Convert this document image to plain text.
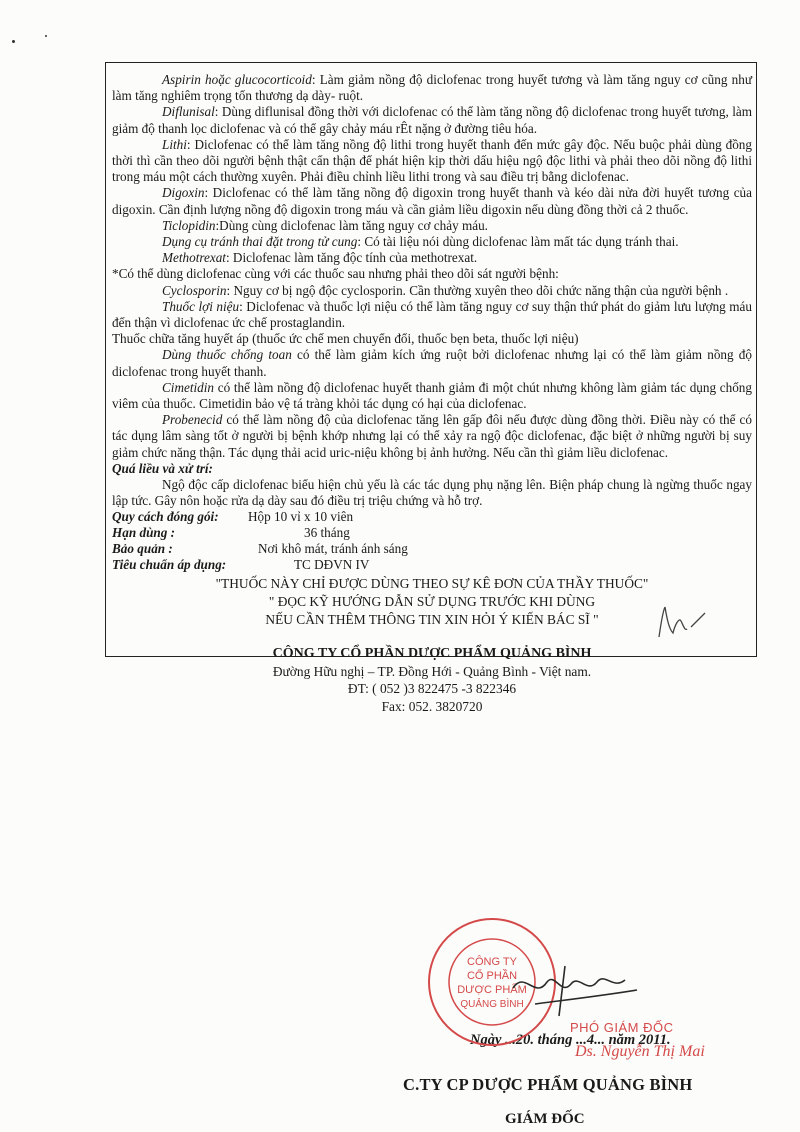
Aspirin hoặc glucocorticoid: Làm giảm nồng độ diclofenac trong huyết tương và làm tăng nguy cơ cũng như làm tăng nghiêm trọng tổn thương dạ dày- ruột.

Diflunisal: Dùng diflunisal đồng thời với diclofenac có thể làm tăng nồng độ diclofenac trong huyết tương, làm giảm độ thanh lọc diclofenac và có thể gây chảy máu rÊt nặng ở đường tiêu hóa.

Lithi: Diclofenac có thể làm tăng nồng độ lithi trong huyết thanh đến mức gây độc. Nếu buộc phải dùng đồng thời thì cần theo dõi người bệnh thật cẩn thận để phát hiện kịp thời dấu hiệu ngộ độc lithi và phải theo dõi nồng độ lithi trong máu một cách thường xuyên. Phải điều chỉnh liều lithi trong và sau điều trị bằng diclofenac.

Digoxin: Diclofenac có thể làm tăng nồng độ digoxin trong huyết thanh và kéo dài nửa đời huyết tương của digoxin. Cần định lượng nồng độ digoxin trong máu và cần giảm liều digoxin nếu dùng đồng thời cả 2 thuốc.

Ticlopidin:Dùng cùng diclofenac làm tăng nguy cơ chảy máu.

Dụng cụ tránh thai đặt trong tử cung: Có tài liệu nói dùng diclofenac làm mất tác dụng tránh thai.

Methotrexat: Diclofenac làm tăng độc tính của methotrexat.

*Có thể dùng diclofenac cùng với các thuốc sau nhưng phải theo dõi sát người bệnh:

Cyclosporin: Nguy cơ bị ngộ độc cyclosporin. Cần thường xuyên theo dõi chức năng thận của người bệnh .

Thuốc lợi niệu: Diclofenac và thuốc lợi niệu có thể làm tăng nguy cơ suy thận thứ phát do giảm lưu lượng máu đến thận vì diclofenac ức chế prostaglandin.

Thuốc chữa tăng huyết áp (thuốc ức chế men chuyển đổi, thuốc bẹn beta, thuốc lợi niệu)

Dùng thuốc chống toan có thể làm giảm kích ứng ruột bởi diclofenac nhưng lại có thể làm giảm nồng độ diclofenac trong huyết thanh.

Cimetidin có thể làm nồng độ diclofenac huyết thanh giảm đi một chút nhưng không làm giảm tác dụng chống viêm của thuốc. Cimetidin bảo vệ tá tràng khỏi tác dụng có hại của diclofenac.

Probenecid có thể làm nồng độ của diclofenac tăng lên gấp đôi nếu được dùng đồng thời. Điều này có thể có tác dụng lâm sàng tốt ở người bị bệnh khớp nhưng lại có thể xảy ra ngộ độc diclofenac, đặc biệt ở những người bị suy giảm chức năng thận. Tác dụng thải acid uric-niệu không bị ảnh hưởng. Nếu cần thì giảm liều diclofenac.

Quá liều và xử trí:

Ngộ độc cấp diclofenac biểu hiện chủ yếu là các tác dụng phụ nặng lên. Biện pháp chung là ngừng thuốc ngay lập tức. Gây nôn hoặc rửa dạ dày sau đó điều trị triệu chứng và hỗ trợ.

Quy cách đóng gói: Hộp 10 vỉ x 10 viên
Hạn dùng :	36 tháng
Bảo quản :	Nơi khô mát, tránh ánh sáng
Tiêu chuẩn áp dụng:	TC DĐVN IV
"THUỐC NÀY CHỈ ĐƯỢC DÙNG THEO SỰ KÊ ĐƠN CỦA THẦY THUỐC"
" ĐỌC KỸ HƯỚNG DẪN SỬ DỤNG TRƯỚC KHI DÙNG
NẾU CẦN THÊM THÔNG TIN XIN HỎI Ý KIẾN BÁC SĨ "
CÔNG TY CỔ PHẦN DƯỢC PHẨM QUẢNG BÌNH
Đường Hữu nghị – TP. Đồng Hới - Quảng Bình - Việt nam.
ĐT: ( 052 )3 822475 -3 822346
Fax: 052. 3820720
Ngày ...20. tháng ...4... năm 2011.
C.TY CP DƯỢC PHẨM QUẢNG BÌNH
CÔNG TY
CỔ PHẦN
DƯỢC PHẨM
QUẢNG BÌNH
GIÁM ĐỐC
PHÓ GIÁM ĐỐC
Ds. Nguyễn Thị Mai
